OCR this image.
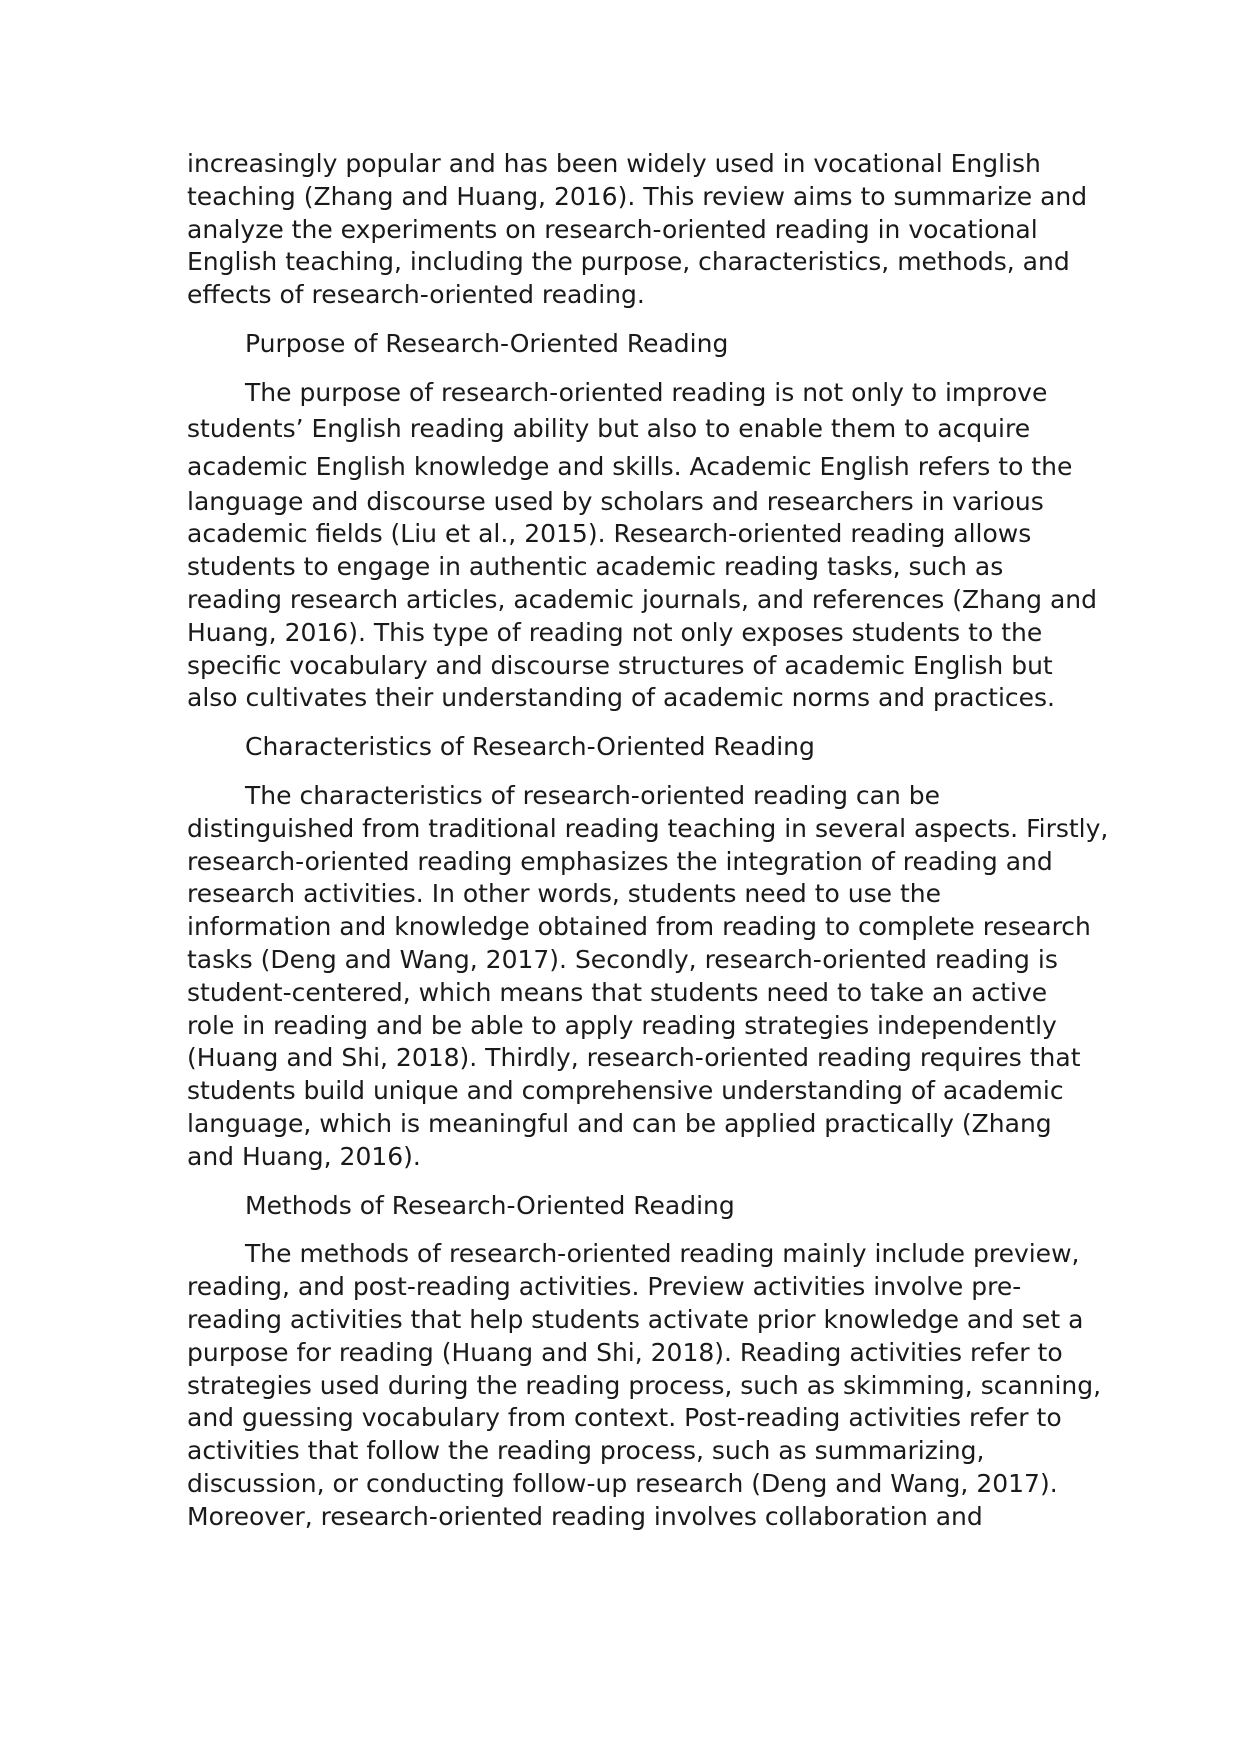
increasingly popular and has been widely used in vocational English
teaching (Zhang and Huang, 2016). This review aims to summarize and
analyze the experiments on research-oriented reading in vocational
English teaching, including the purpose, characteristics, methods, and
effects of research-oriented reading.

Purpose of Research-Oriented Reading

The purpose of research-oriented reading is not only to improve
students’ English reading ability but also to enable them to acquire
academic English knowledge and skills. Academic English refers to the
language and discourse used by scholars and researchers in various
academic fields (Liu et al., 2015). Research-oriented reading allows
students to engage in authentic academic reading tasks, such as
reading research articles, academic journals, and references (Zhang and
Huang, 2016). This type of reading not only exposes students to the
specific vocabulary and discourse structures of academic English but
also cultivates their understanding of academic norms and practices.

Characteristics of Research-Oriented Reading

The characteristics of research-oriented reading can be
distinguished from traditional reading teaching in several aspects. Firstly,
research-oriented reading emphasizes the integration of reading and
research activities. In other words, students need to use the
information and knowledge obtained from reading to complete research
tasks (Deng and Wang, 2017). Secondly, research-oriented reading is
student-centered, which means that students need to take an active
role in reading and be able to apply reading strategies independently
(Huang and Shi, 2018). Thirdly, research-oriented reading requires that
students build unique and comprehensive understanding of academic
language, which is meaningful and can be applied practically (Zhang
and Huang, 2016).

Methods of Research-Oriented Reading

The methods of research-oriented reading mainly include preview,
reading, and post-reading activities. Preview activities involve pre-
reading activities that help students activate prior knowledge and set a
purpose for reading (Huang and Shi, 2018). Reading activities refer to
strategies used during the reading process, such as skimming, scanning,
and guessing vocabulary from context. Post-reading activities refer to
activities that follow the reading process, such as summarizing,
discussion, or conducting follow-up research (Deng and Wang, 2017).
Moreover, research-oriented reading involves collaboration and
